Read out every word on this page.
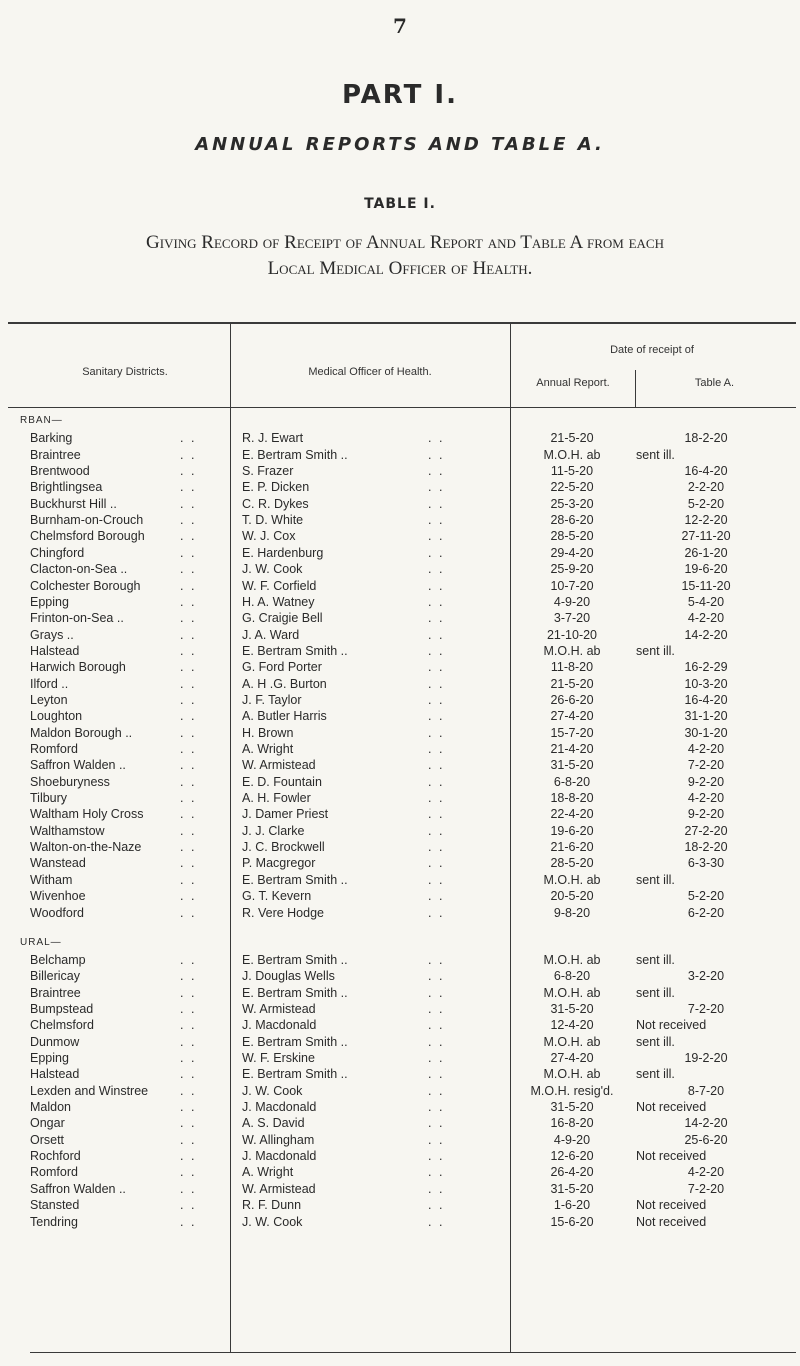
7
PART I.
ANNUAL REPORTS AND TABLE A.
TABLE I.
Giving Record of Receipt of Annual Report and Table A from each
Local Medical Officer of Health.
Sanitary Districts.	Medical Officer of Health.
Date of receipt of
Annual Report.	Table A.
RBAN—
Barking	. .	R. J. Ewart	. .	21-5-20	18-2-20
Braintree	. .	E. Bertram Smith ..	. .	M.O.H. ab	sent ill.
Brentwood	. .	S. Frazer	. .	11-5-20	16-4-20
Brightlingsea	. .	E. P. Dicken	. .	22-5-20	2-2-20
Buckhurst Hill ..	. .	C. R. Dykes	. .	25-3-20	5-2-20
Burnham-on-Crouch	. .	T. D. White	. .	28-6-20	12-2-20
Chelmsford Borough	. .	W. J. Cox	. .	28-5-20	27-11-20
Chingford	. .	E. Hardenburg	. .	29-4-20	26-1-20
Clacton-on-Sea ..	. .	J. W. Cook	. .	25-9-20	19-6-20
Colchester Borough	. .	W. F. Corfield	. .	10-7-20	15-11-20
Epping	. .	H. A. Watney	. .	4-9-20	5-4-20
Frinton-on-Sea ..	. .	G. Craigie Bell	. .	3-7-20	4-2-20
Grays ..	. .	J. A. Ward	. .	21-10-20	14-2-20
Halstead	. .	E. Bertram Smith ..	. .	M.O.H. ab	sent ill.
Harwich Borough	. .	G. Ford Porter	. .	11-8-20	16-2-29
Ilford ..	. .	A. H .G. Burton	. .	21-5-20	10-3-20
Leyton	. .	J. F. Taylor	. .	26-6-20	16-4-20
Loughton	. .	A. Butler Harris	. .	27-4-20	31-1-20
Maldon Borough ..	. .	H. Brown	. .	15-7-20	30-1-20
Romford	. .	A. Wright	. .	21-4-20	4-2-20
Saffron Walden ..	. .	W. Armistead	. .	31-5-20	7-2-20
Shoeburyness	. .	E. D. Fountain	. .	6-8-20	9-2-20
Tilbury	. .	A. H. Fowler	. .	18-8-20	4-2-20
Waltham Holy Cross	. .	J. Damer Priest	. .	22-4-20	9-2-20
Walthamstow	. .	J. J. Clarke	. .	19-6-20	27-2-20
Walton-on-the-Naze	. .	J. C. Brockwell	. .	21-6-20	18-2-20
Wanstead	. .	P. Macgregor	. .	28-5-20	6-3-30
Witham	. .	E. Bertram Smith ..	. .	M.O.H. ab	sent ill.
Wivenhoe	. .	G. T. Kevern	. .	20-5-20	5-2-20
Woodford	. .	R. Vere Hodge	. .	9-8-20	6-2-20
URAL—
Belchamp	. .	E. Bertram Smith ..	. .	M.O.H. ab	sent ill.
Billericay	. .	J. Douglas Wells	. .	6-8-20	3-2-20
Braintree	. .	E. Bertram Smith ..	. .	M.O.H. ab	sent ill.
Bumpstead	. .	W. Armistead	. .	31-5-20	7-2-20
Chelmsford	. .	J. Macdonald	. .	12-4-20	Not received
Dunmow	. .	E. Bertram Smith ..	. .	M.O.H. ab	sent ill.
Epping	. .	W. F. Erskine	. .	27-4-20	19-2-20
Halstead	. .	E. Bertram Smith ..	. .	M.O.H. ab	sent ill.
Lexden and Winstree	. .	J. W. Cook	. .	M.O.H. resig'd.	8-7-20
Maldon	. .	J. Macdonald	. .	31-5-20	Not received
Ongar	. .	A. S. David	. .	16-8-20	14-2-20
Orsett	. .	W. Allingham	. .	4-9-20	25-6-20
Rochford	. .	J. Macdonald	. .	12-6-20	Not received
Romford	. .	A. Wright	. .	26-4-20	4-2-20
Saffron Walden ..	. .	W. Armistead	. .	31-5-20	7-2-20
Stansted	. .	R. F. Dunn	. .	1-6-20	Not received
Tendring	. .	J. W. Cook	. .	15-6-20	Not received
